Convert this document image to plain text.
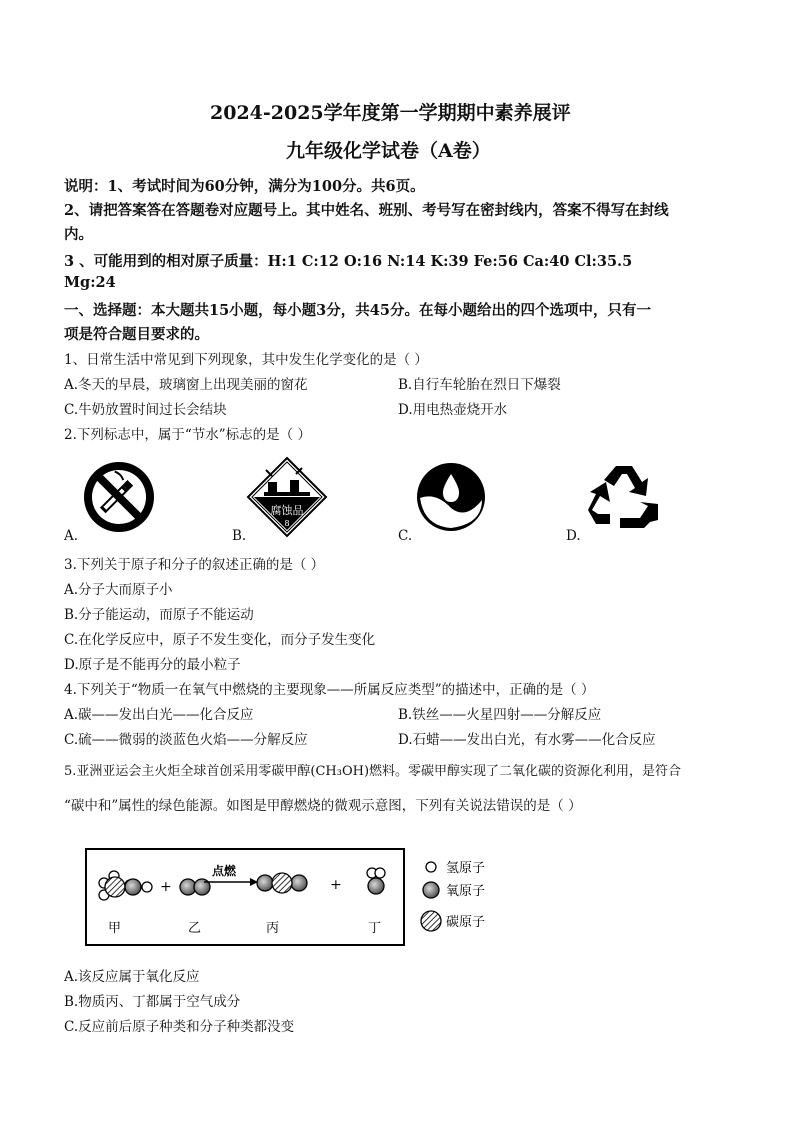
2024-2025学年度第一学期期中素养展评
九年级化学试卷（A卷）
说明：1、考试时间为60分钟，满分为100分。共6页。
2、请把答案答在答题卷对应题号上。其中姓名、班别、考号写在密封线内，答案不得写在封线
内。
3 、可能用到的相对原子质量：H:1 C:12 O:16 N:14 K:39 Fe:56 Ca:40 Cl:35.5
Mg:24
一、选择题：本大题共15小题，每小题3分，共45分。在每小题给出的四个选项中，只有一
项是符合题目要求的。
1、日常生活中常见到下列现象，其中发生化学变化的是（ ）
A.冬天的早晨，玻璃窗上出现美丽的窗花	B.自行车轮胎在烈日下爆裂
C.牛奶放置时间过长会结块	D.用电热壶烧开水
2.下列标志中，属于“节水”标志的是（ ）
A.
腐蚀品
8
B.	C.	D.
3.下列关于原子和分子的叙述正确的是（ ）
A.分子大而原子小
B.分子能运动，而原子不能运动
C.在化学反应中，原子不发生变化，而分子发生变化
D.原子是不能再分的最小粒子
4.下列关于“物质一在氧气中燃烧的主要现象——所属反应类型”的描述中，正确的是（ ）
A.碳——发出白光——化合反应	B.铁丝——火星四射——分解反应
C.硫——微弱的淡蓝色火焰——分解反应	D.石蜡——发出白光，有水雾——化合反应
5.亚洲亚运会主火炬全球首创采用零碳甲醇(CH₃OH)燃料。零碳甲醇实现了二氧化碳的资源化利用，是符合
“碳中和”属性的绿色能源。如图是甲醇燃烧的微观示意图，下列有关说法错误的是（ ）
+
点燃
+
甲	乙	丙	丁
氢原子
氧原子
碳原子
A.该反应属于氧化反应
B.物质丙、丁都属于空气成分
C.反应前后原子种类和分子种类都没变
